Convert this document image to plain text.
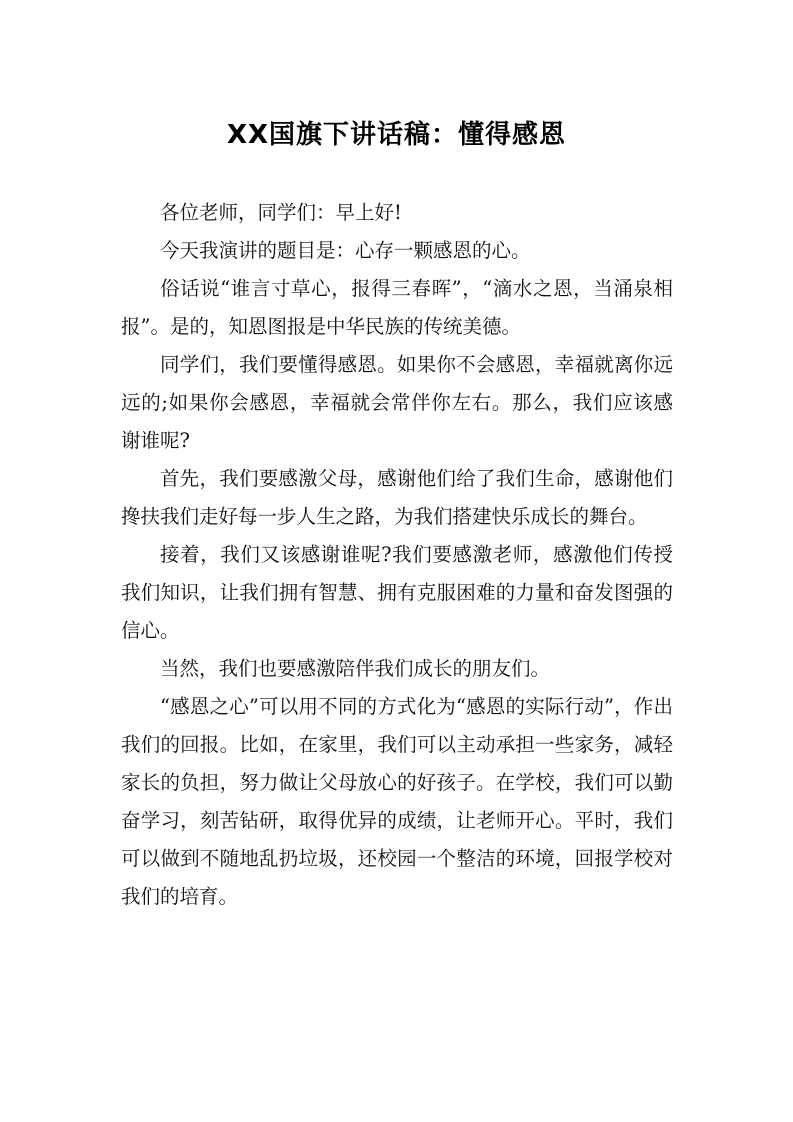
XX国旗下讲话稿：懂得感恩

各位老师，同学们：早上好!

今天我演讲的题目是：心存一颗感恩的心。

俗话说“谁言寸草心，报得三春晖”，“滴水之恩，当涌泉相报”。是的，知恩图报是中华民族的传统美德。

同学们，我们要懂得感恩。如果你不会感恩，幸福就离你远远的;如果你会感恩，幸福就会常伴你左右。那么，我们应该感谢谁呢?

首先，我们要感激父母，感谢他们给了我们生命，感谢他们搀扶我们走好每一步人生之路，为我们搭建快乐成长的舞台。

接着，我们又该感谢谁呢?我们要感激老师，感激他们传授我们知识，让我们拥有智慧、拥有克服困难的力量和奋发图强的信心。

当然，我们也要感激陪伴我们成长的朋友们。

“感恩之心”可以用不同的方式化为“感恩的实际行动”，作出我们的回报。比如，在家里，我们可以主动承担一些家务，减轻家长的负担，努力做让父母放心的好孩子。在学校，我们可以勤奋学习，刻苦钻研，取得优异的成绩，让老师开心。平时，我们可以做到不随地乱扔垃圾，还校园一个整洁的环境，回报学校对我们的培育。
